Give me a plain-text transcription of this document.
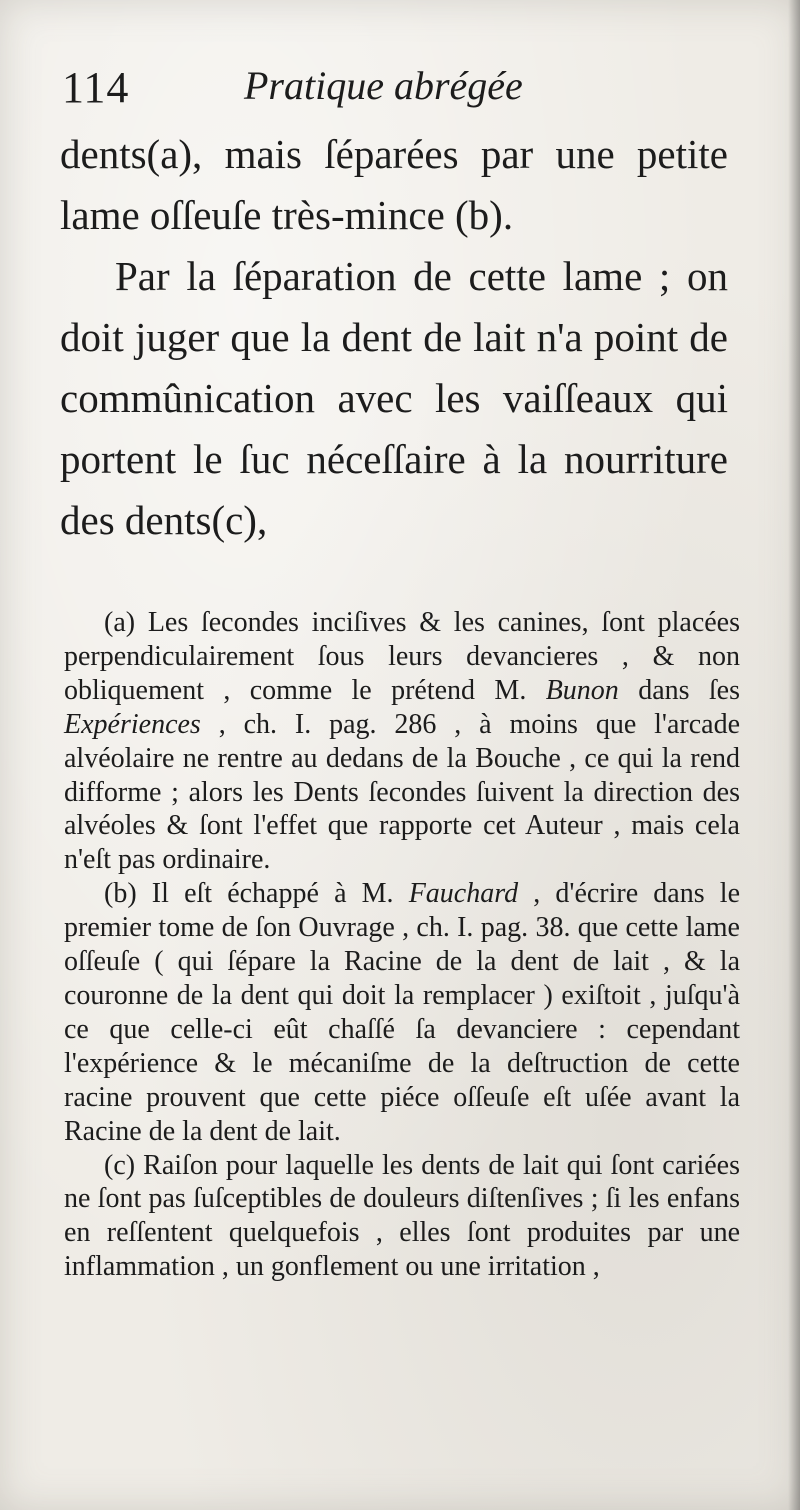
114	Pratique abrégée

dents(a), mais ſéparées par une petite lame oſſeuſe très-mince (b).

Par la ſéparation de cette lame ; on doit juger que la dent de lait n'a point de commûnication avec les vaiſſeaux qui portent le ſuc néceſſaire à la nourriture des dents(c),

(a) Les ſecondes inciſives & les canines, ſont placées perpendiculairement ſous leurs devancieres , & non obliquement , comme le prétend M. Bunon dans ſes Expériences , ch. I. pag. 286 , à moins que l'arcade alvéolaire ne rentre au dedans de la Bouche , ce qui la rend difforme ; alors les Dents ſecondes ſuivent la direction des alvéoles & ſont l'effet que rapporte cet Auteur , mais cela n'eſt pas ordinaire.

(b) Il eſt échappé à M. Fauchard , d'écrire dans le premier tome de ſon Ouvrage , ch. I. pag. 38. que cette lame oſſeuſe ( qui ſépare la Racine de la dent de lait , & la couronne de la dent qui doit la remplacer ) exiſtoit , juſqu'à ce que celle-ci eût chaſſé ſa devanciere : cependant l'expérience & le mécaniſme de la deſtruction de cette racine prouvent que cette piéce oſſeuſe eſt uſée avant la Racine de la dent de lait.

(c) Raiſon pour laquelle les dents de lait qui ſont cariées ne ſont pas ſuſceptibles de douleurs diſtenſives ; ſi les enfans en reſſentent quelquefois , elles ſont produites par une inflammation , un gonflement ou une irritation ,
